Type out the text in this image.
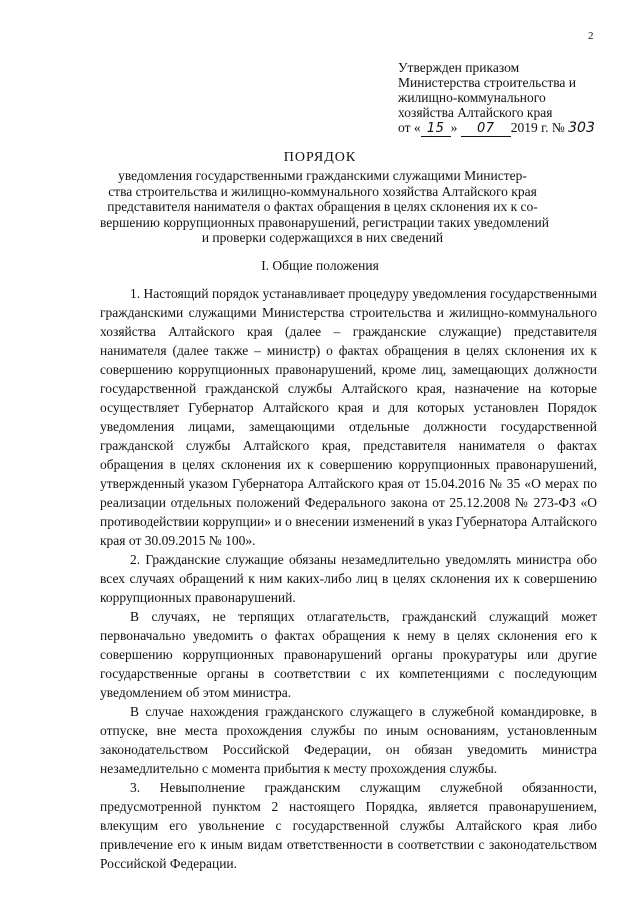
2
Утвержден приказом
Министерства строительства и
жилищно-коммунального
хозяйства Алтайского края
от « 15 » 07 2019 г. № 303
ПОРЯДОК
уведомления государственными гражданскими служащими Министер-
ства строительства и жилищно-коммунального хозяйства Алтайского края
представителя нанимателя о фактах обращения в целях склонения их к со-
вершению коррупционных правонарушений, регистрации таких уведомлений
и проверки содержащихся в них сведений
I. Общие положения

1. Настоящий порядок устанавливает процедуру уведомления государственными гражданскими служащими Министерства строительства и жилищно-коммунального хозяйства Алтайского края (далее – гражданские служащие) представителя нанимателя (далее также – министр) о фактах обращения в целях склонения их к совершению коррупционных правонарушений, кроме лиц, замещающих должности государственной гражданской службы Алтайского края, назначение на которые осуществляет Губернатор Алтайского края и для которых установлен Порядок уведомления лицами, замещающими отдельные должности государственной гражданской службы Алтайского края, представителя нанимателя о фактах обращения в целях склонения их к совершению коррупционных правонарушений, утвержденный указом Губернатора Алтайского края от 15.04.2016 № 35 «О мерах по реализации отдельных положений Федерального закона от 25.12.2008 № 273-ФЗ «О противодействии коррупции» и о внесении изменений в указ Губернатора Алтайского края от 30.09.2015 № 100».

2. Гражданские служащие обязаны незамедлительно уведомлять министра обо всех случаях обращений к ним каких-либо лиц в целях склонения их к совершению коррупционных правонарушений.

В случаях, не терпящих отлагательств, гражданский служащий может первоначально уведомить о фактах обращения к нему в целях склонения его к совершению коррупционных правонарушений органы прокуратуры или другие государственные органы в соответствии с их компетенциями с последующим уведомлением об этом министра.

В случае нахождения гражданского служащего в служебной командировке, в отпуске, вне места прохождения службы по иным основаниям, установленным законодательством Российской Федерации, он обязан уведомить министра незамедлительно с момента прибытия к месту прохождения службы.

3. Невыполнение гражданским служащим служебной обязанности, предусмотренной пунктом 2 настоящего Порядка, является правонарушением, влекущим его увольнение с государственной службы Алтайского края либо привлечение его к иным видам ответственности в соответствии с законодательством Российской Федерации.
